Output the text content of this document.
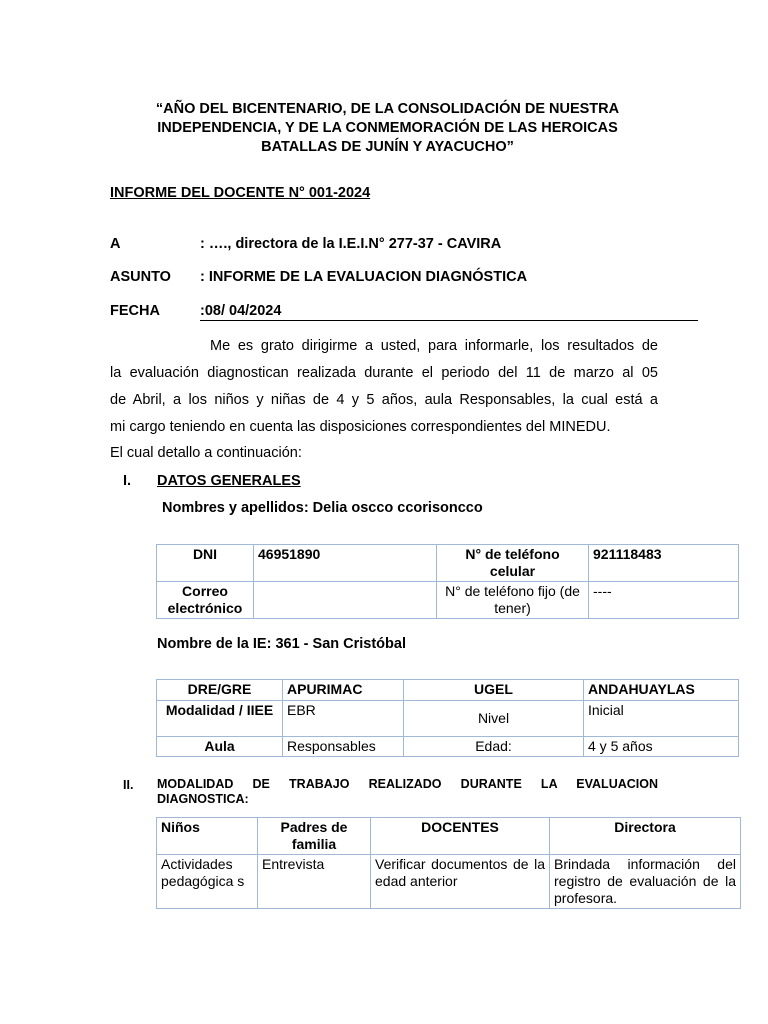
“AÑO DEL BICENTENARIO, DE LA CONSOLIDACIÓN DE NUESTRA
INDEPENDENCIA, Y DE LA CONMEMORACIÓN DE LAS HEROICAS
BATALLAS DE JUNÍN Y AYACUCHO”
INFORME DEL DOCENTE N° 001-2024
A	: …., directora de la I.E.I.N° 277-37 - CAVIRA
ASUNTO : INFORME DE LA EVALUACION DIAGNÓSTICA
FECHA	:08/ 04/2024
Me es grato dirigirme a usted, para informarle, los resultados de
la evaluación diagnostican realizada durante el periodo del 11 de marzo al 05
de Abril, a los niños y niñas de 4 y 5 años, aula Responsables, la cual está a
mi cargo teniendo en cuenta las disposiciones correspondientes del MINEDU.
El cual detallo a continuación:
I. DATOS GENERALES
Nombres y apellidos: Delia oscco ccorisoncco
DNI	46951890	N° de teléfono celular	921118483
Correo electrónico		N° de teléfono fijo (de tener)	----
Nombre de la IE: 361 - San Cristóbal
DRE/GRE	APURIMAC	UGEL	ANDAHUAYLAS
Modalidad / IIEE	EBR	Nivel	Inicial
Aula	Responsables	Edad:	4 y 5 años
II. MODALIDAD DE TRABAJO REALIZADO DURANTE LA EVALUACION
DIAGNOSTICA:
Niños	Padres de familia	DOCENTES	Directora
Actividades pedagógica s	Entrevista	Verificar documentos de la edad anterior	Brindada información del registro de evaluación de la profesora.
